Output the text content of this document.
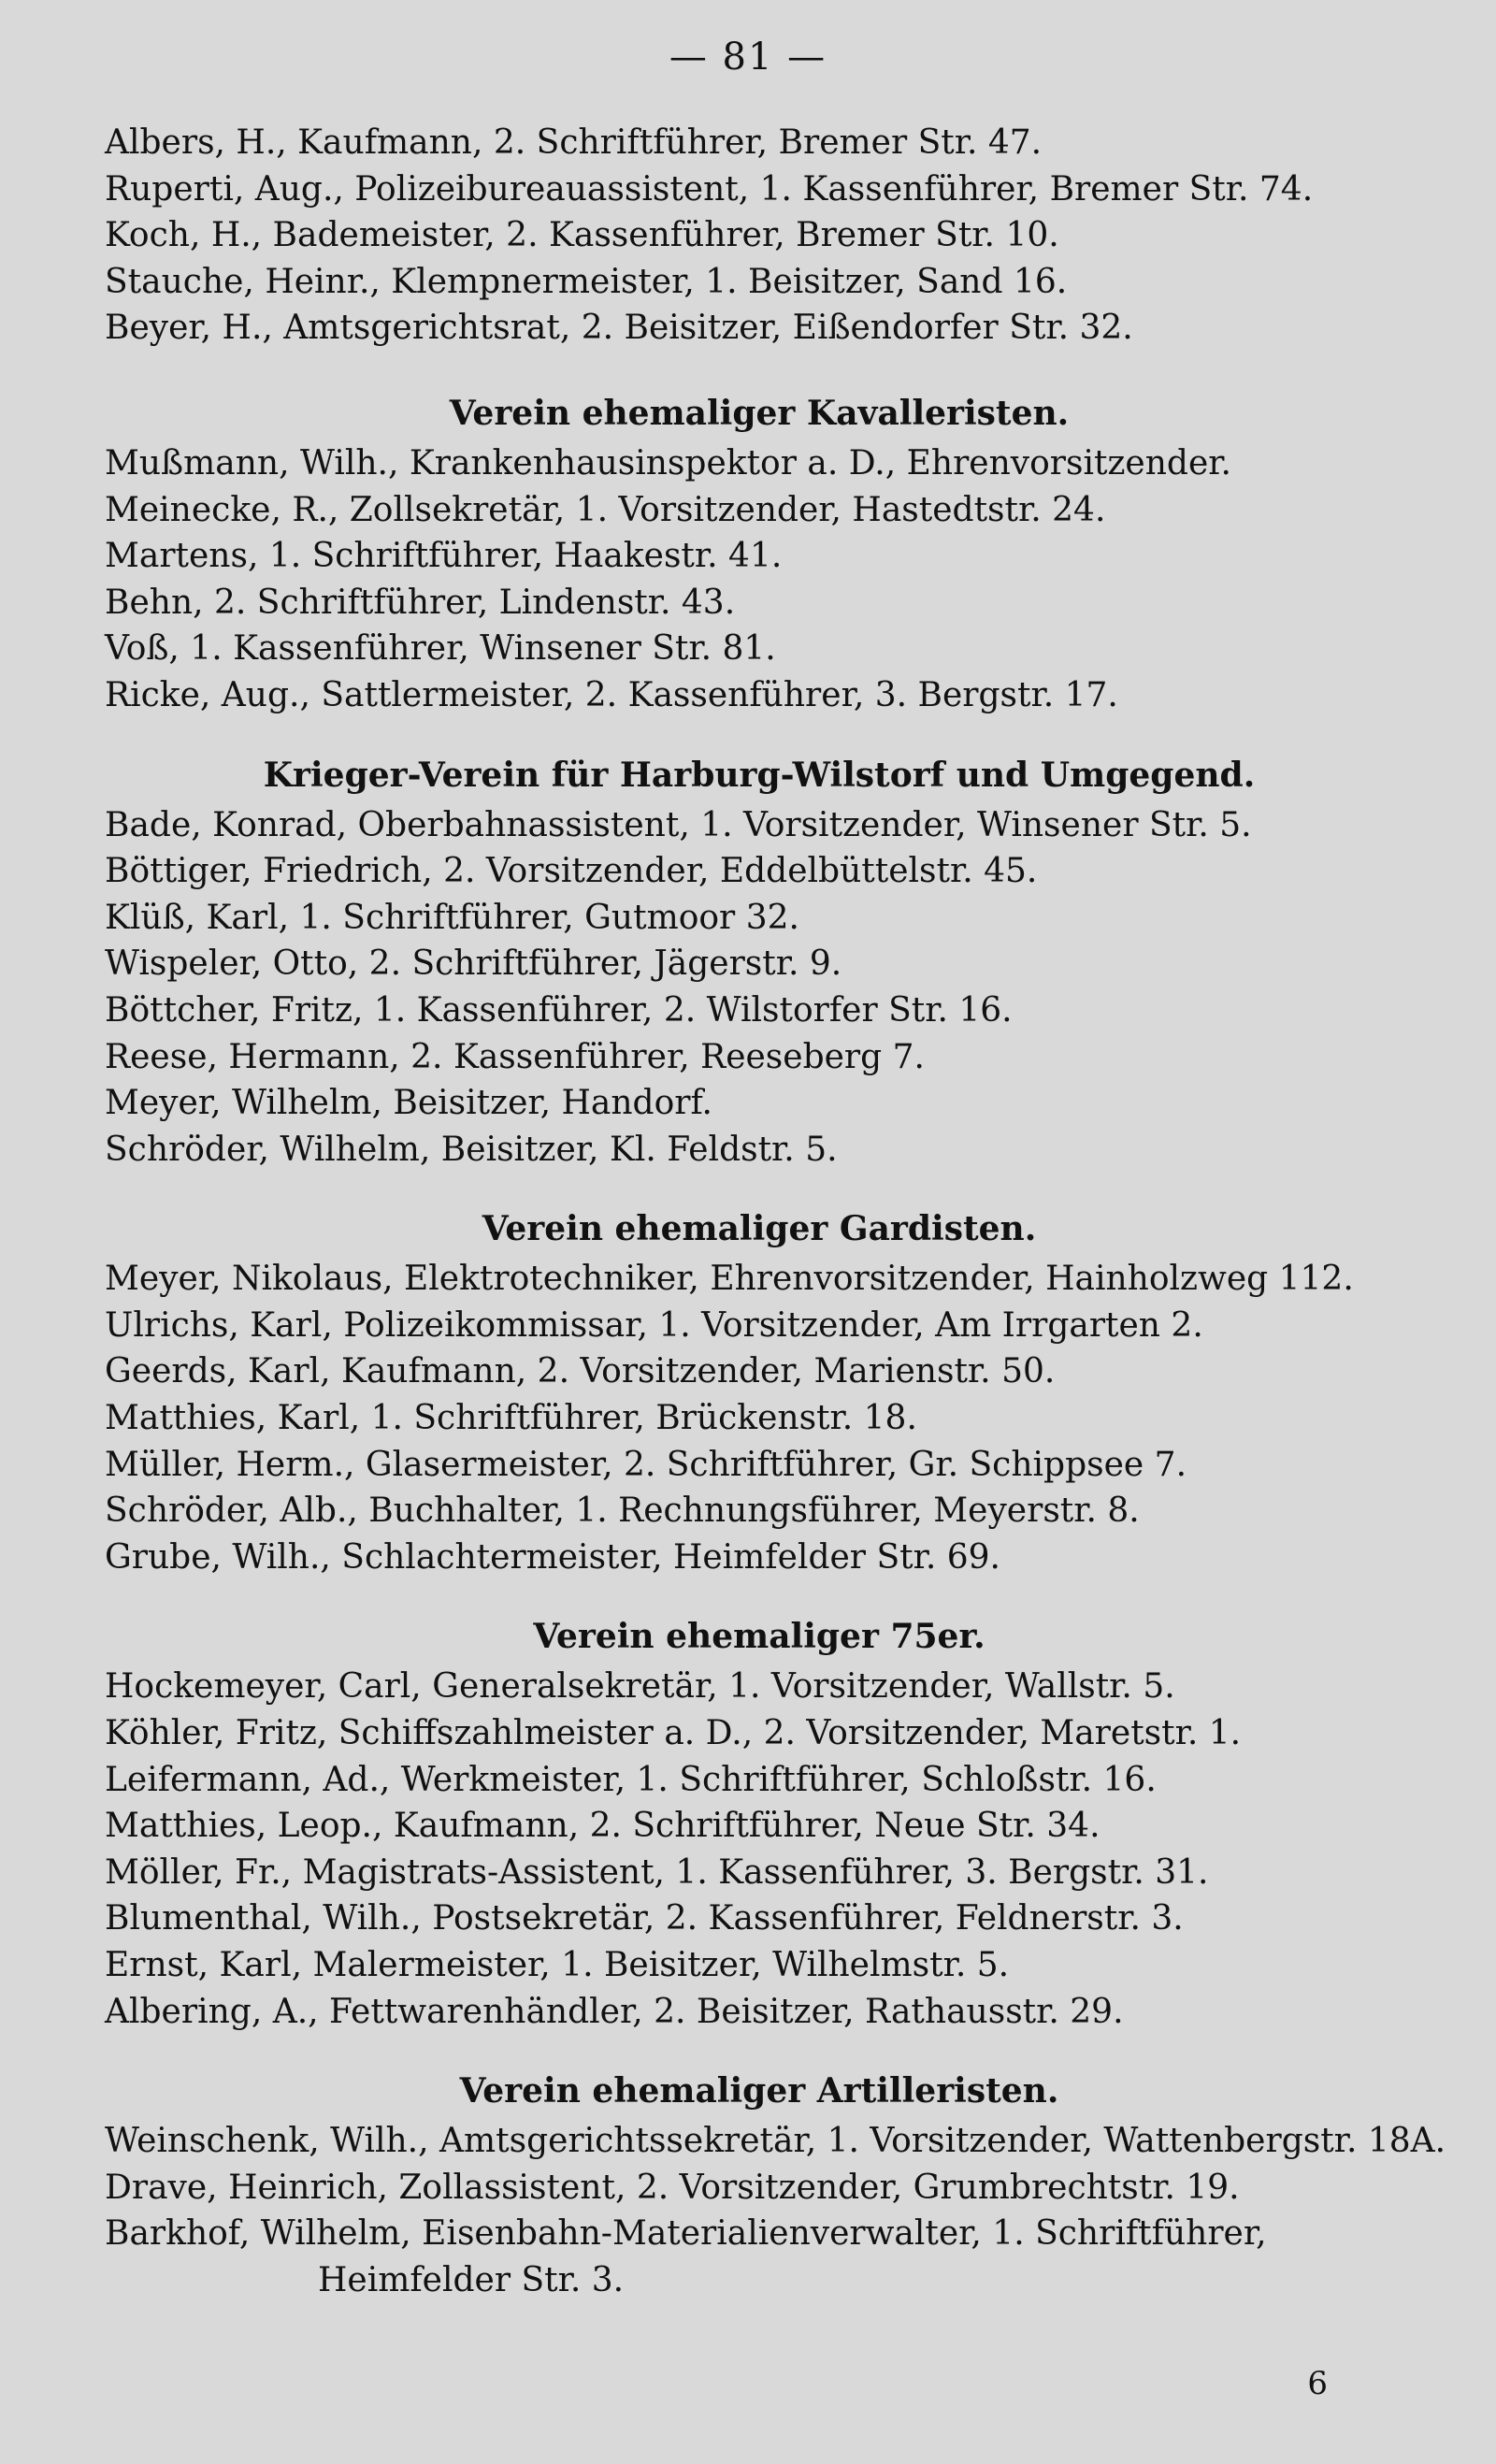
— 81 —
Albers, H., Kaufmann, 2. Schriftführer, Bremer Str. 47.
Ruperti, Aug., Polizeibureauassistent, 1. Kassenführer, Bremer Str. 74.
Koch, H., Bademeister, 2. Kassenführer, Bremer Str. 10.
Stauche, Heinr., Klempnermeister, 1. Beisitzer, Sand 16.
Beyer, H., Amtsgerichtsrat, 2. Beisitzer, Eißendorfer Str. 32.
Verein ehemaliger Kavalleristen.
Mußmann, Wilh., Krankenhausinspektor a. D., Ehrenvorsitzender.
Meinecke, R., Zollsekretär, 1. Vorsitzender, Hastedtstr. 24.
Martens, 1. Schriftführer, Haakestr. 41.
Behn, 2. Schriftführer, Lindenstr. 43.
Voß, 1. Kassenführer, Winsener Str. 81.
Ricke, Aug., Sattlermeister, 2. Kassenführer, 3. Bergstr. 17.
Krieger-Verein für Harburg-Wilstorf und Umgegend.
Bade, Konrad, Oberbahnassistent, 1. Vorsitzender, Winsener Str. 5.
Böttiger, Friedrich, 2. Vorsitzender, Eddelbüttelstr. 45.
Klüß, Karl, 1. Schriftführer, Gutmoor 32.
Wispeler, Otto, 2. Schriftführer, Jägerstr. 9.
Böttcher, Fritz, 1. Kassenführer, 2. Wilstorfer Str. 16.
Reese, Hermann, 2. Kassenführer, Reeseberg 7.
Meyer, Wilhelm, Beisitzer, Handorf.
Schröder, Wilhelm, Beisitzer, Kl. Feldstr. 5.
Verein ehemaliger Gardisten.
Meyer, Nikolaus, Elektrotechniker, Ehrenvorsitzender, Hainholzweg 112.
Ulrichs, Karl, Polizeikommissar, 1. Vorsitzender, Am Irrgarten 2.
Geerds, Karl, Kaufmann, 2. Vorsitzender, Marienstr. 50.
Matthies, Karl, 1. Schriftführer, Brückenstr. 18.
Müller, Herm., Glasermeister, 2. Schriftführer, Gr. Schippsee 7.
Schröder, Alb., Buchhalter, 1. Rechnungsführer, Meyerstr. 8.
Grube, Wilh., Schlachtermeister, Heimfelder Str. 69.
Verein ehemaliger 75er.
Hockemeyer, Carl, Generalsekretär, 1. Vorsitzender, Wallstr. 5.
Köhler, Fritz, Schiffszahlmeister a. D., 2. Vorsitzender, Maretstr. 1.
Leifermann, Ad., Werkmeister, 1. Schriftführer, Schloßstr. 16.
Matthies, Leop., Kaufmann, 2. Schriftführer, Neue Str. 34.
Möller, Fr., Magistrats-Assistent, 1. Kassenführer, 3. Bergstr. 31.
Blumenthal, Wilh., Postsekretär, 2. Kassenführer, Feldnerstr. 3.
Ernst, Karl, Malermeister, 1. Beisitzer, Wilhelmstr. 5.
Albering, A., Fettwarenhändler, 2. Beisitzer, Rathausstr. 29.
Verein ehemaliger Artilleristen.
Weinschenk, Wilh., Amtsgerichtssekretär, 1. Vorsitzender, Wattenbergstr. 18A.
Drave, Heinrich, Zollassistent, 2. Vorsitzender, Grumbrechtstr. 19.
Barkhof, Wilhelm, Eisenbahn-Materialienverwalter, 1. Schriftführer,
Heimfelder Str. 3.
6
